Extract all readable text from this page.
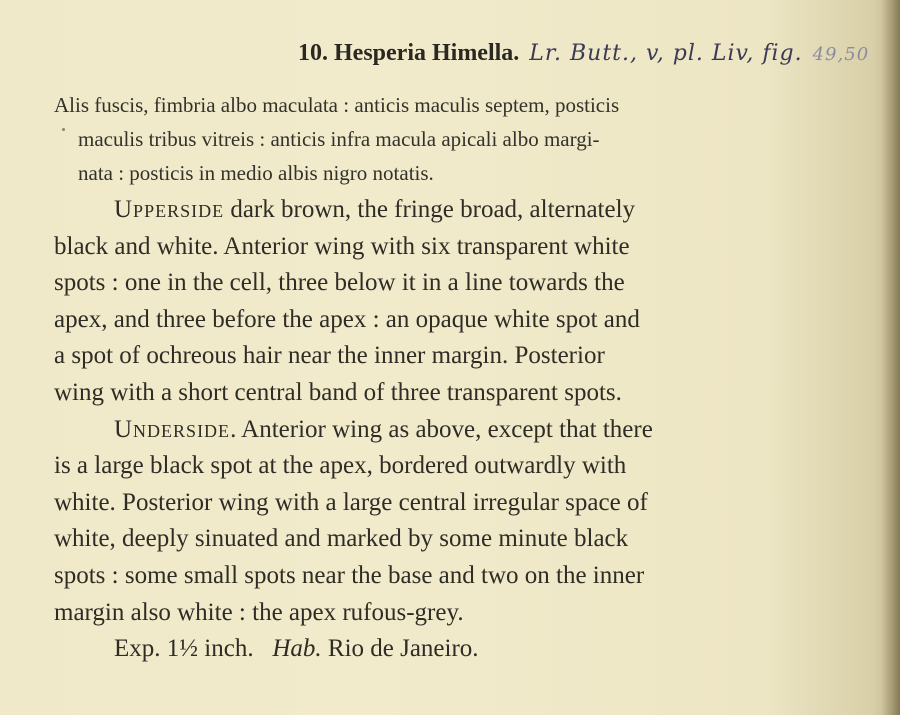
10. Hesperia Himella. Lr. Butt., v, pl. Liv, fig. 49,50

Alis fuscis, fimbria albo maculata : anticis maculis septem, posticis

maculis tribus vitreis : anticis infra macula apicali albo margi-

nata : posticis in medio albis nigro notatis.

Upperside dark brown, the fringe broad, alternately

black and white. Anterior wing with six transparent white

spots : one in the cell, three below it in a line towards the

apex, and three before the apex : an opaque white spot and

a spot of ochreous hair near the inner margin. Posterior

wing with a short central band of three transparent spots.

Underside. Anterior wing as above, except that there

is a large black spot at the apex, bordered outwardly with

white. Posterior wing with a large central irregular space of

white, deeply sinuated and marked by some minute black

spots : some small spots near the base and two on the inner

margin also white : the apex rufous-grey.

Exp. 1½ inch. Hab. Rio de Janeiro.
